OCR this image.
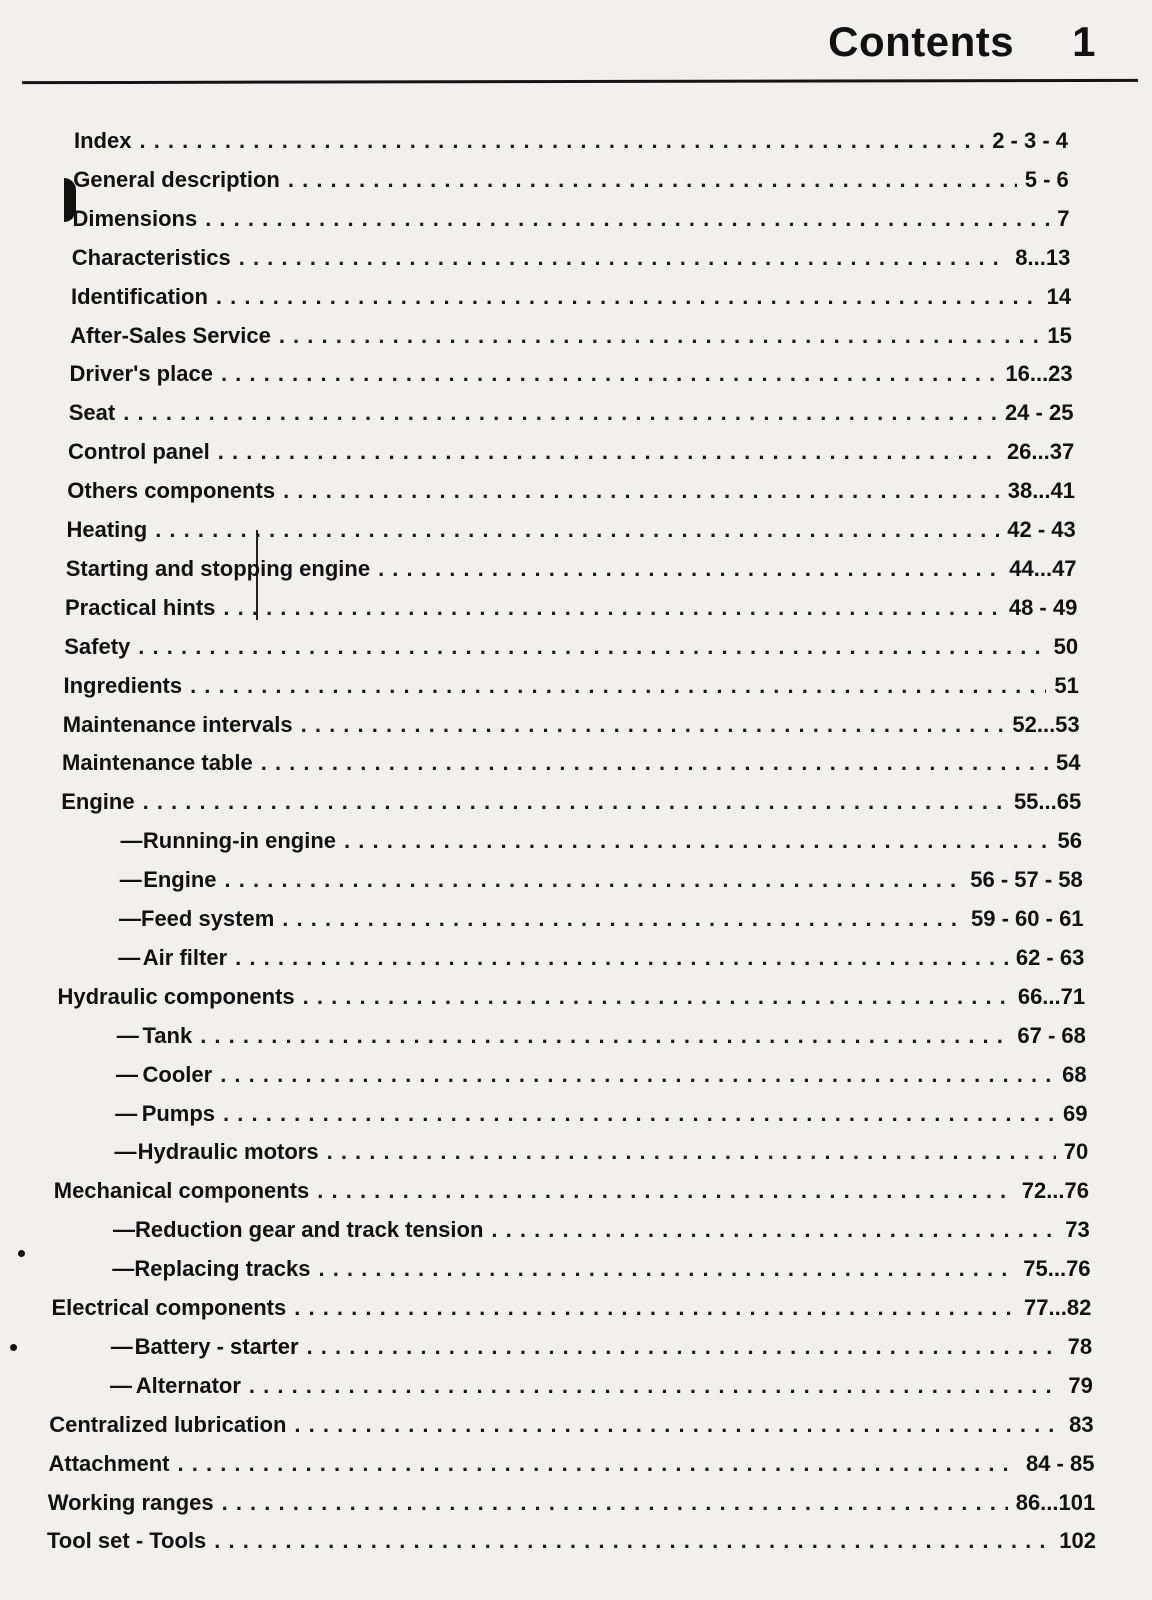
Contents 1
Index . . .	2 - 3 - 4
General description . . .	5 - 6
Dimensions . . .	7
Characteristics . . .	8...13
Identification . . .	14
After-Sales Service . . .	15
Driver's place . . .	16...23
Seat . . .	24 - 25
Control panel . . .	26...37
Others components . . .	38...41
Heating . . .	42 - 43
Starting and stopping engine . . .	44...47
Practical hints . . .	48 - 49
Safety . . .	50
Ingredients . . .	51
Maintenance intervals . . .	52...53
Maintenance table . . .	54
Engine . . .	55...65
— Running-in engine . . .	56
— Engine . . .	56 - 57 - 58
— Feed system . . .	59 - 60 - 61
— Air filter . . .	62 - 63
Hydraulic components . . .	66...71
— Tank . . .	67 - 68
— Cooler . . .	68
— Pumps . . .	69
— Hydraulic motors . . .	70
Mechanical components . . .	72...76
— Reduction gear and track tension . . .	73
— Replacing tracks . . .	75...76
Electrical components . . .	77...82
— Battery - starter . . .	78
— Alternator . . .	79
Centralized lubrication . . .	83
Attachment . . .	84 - 85
Working ranges . . .	86...101
Tool set - Tools . . .	102
